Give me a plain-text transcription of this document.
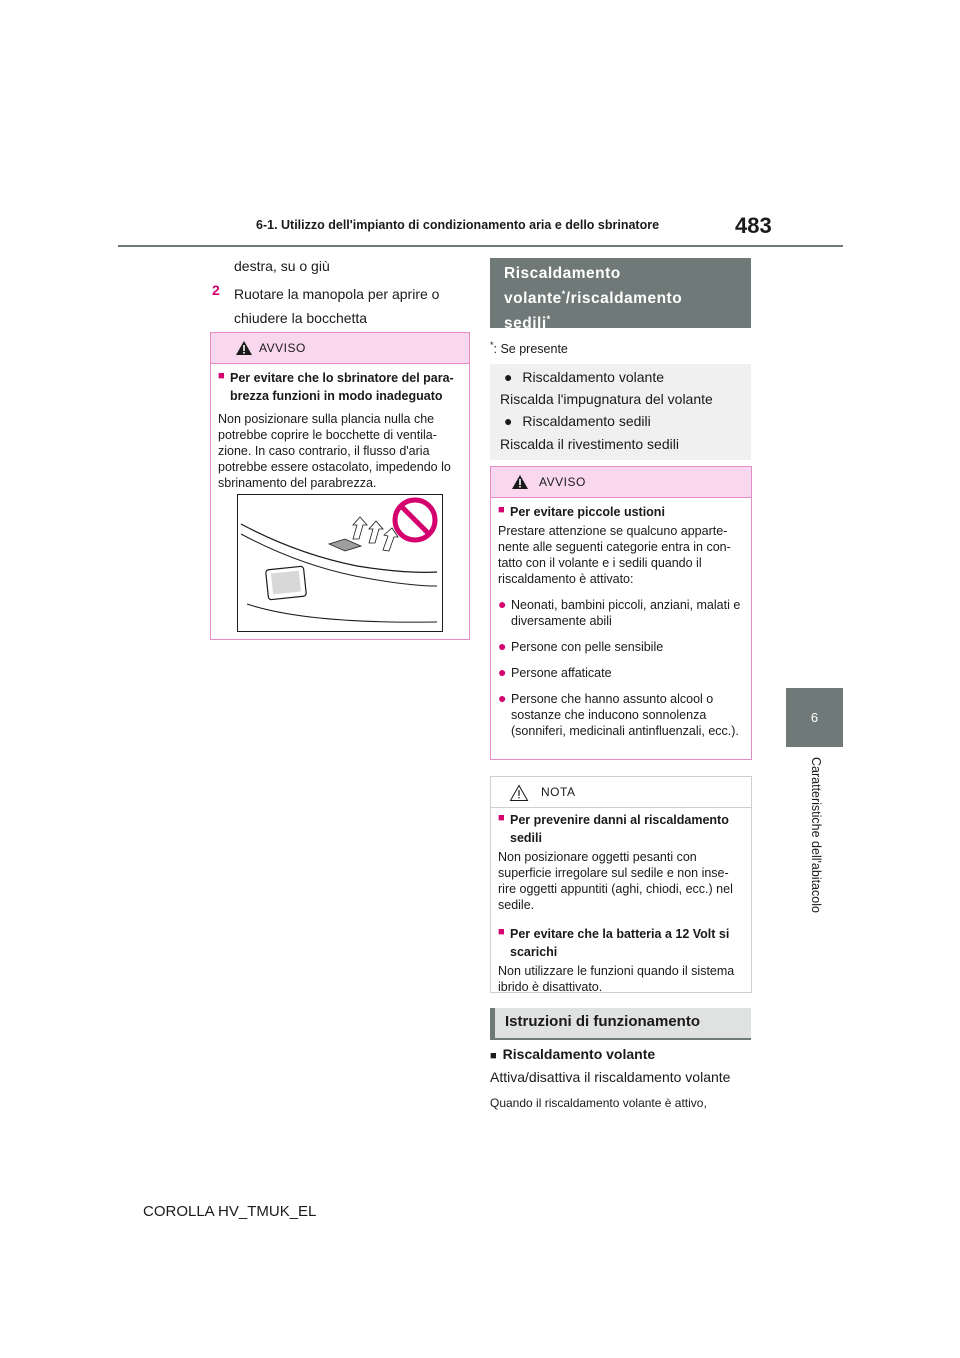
6-1. Utilizzo dell'impianto di condizionamento aria e dello sbrinatore	483
6
Caratteristiche dell'abitacolo
destra, su o giù
2 Ruotare la manopola per aprire o chiudere la bocchetta
AVVISO
■ Per evitare che lo sbrinatore del para-brezza funzioni in modo inadeguato
Non posizionare sulla plancia nulla che potrebbe coprire le bocchette di ventila-zione. In caso contrario, il flusso d'aria potrebbe essere ostacolato, impedendo lo sbrinamento del parabrezza.
Riscaldamento
volante*/riscaldamento
sedili*
*: Se presente
● Riscaldamento volante
Riscalda l'impugnatura del volante
● Riscaldamento sedili
Riscalda il rivestimento sedili
AVVISO
■ Per evitare piccole ustioni
Prestare attenzione se qualcuno apparte-nente alle seguenti categorie entra in con-tatto con il volante e i sedili quando il riscaldamento è attivato:
● Neonati, bambini piccoli, anziani, malati e diversamente abili
● Persone con pelle sensibile
● Persone affaticate
● Persone che hanno assunto alcool o sostanze che inducono sonnolenza (sonniferi, medicinali antinfluenzali, ecc.).
NOTA
■ Per prevenire danni al riscaldamento sedili
Non posizionare oggetti pesanti con superficie irregolare sul sedile e non inse-rire oggetti appuntiti (aghi, chiodi, ecc.) nel sedile.
■ Per evitare che la batteria a 12 Volt si scarichi
Non utilizzare le funzioni quando il sistema ibrido è disattivato.
Istruzioni di funzionamento
■ Riscaldamento volante
Attiva/disattiva il riscaldamento volante
Quando il riscaldamento volante è attivo,
COROLLA HV_TMUK_EL
